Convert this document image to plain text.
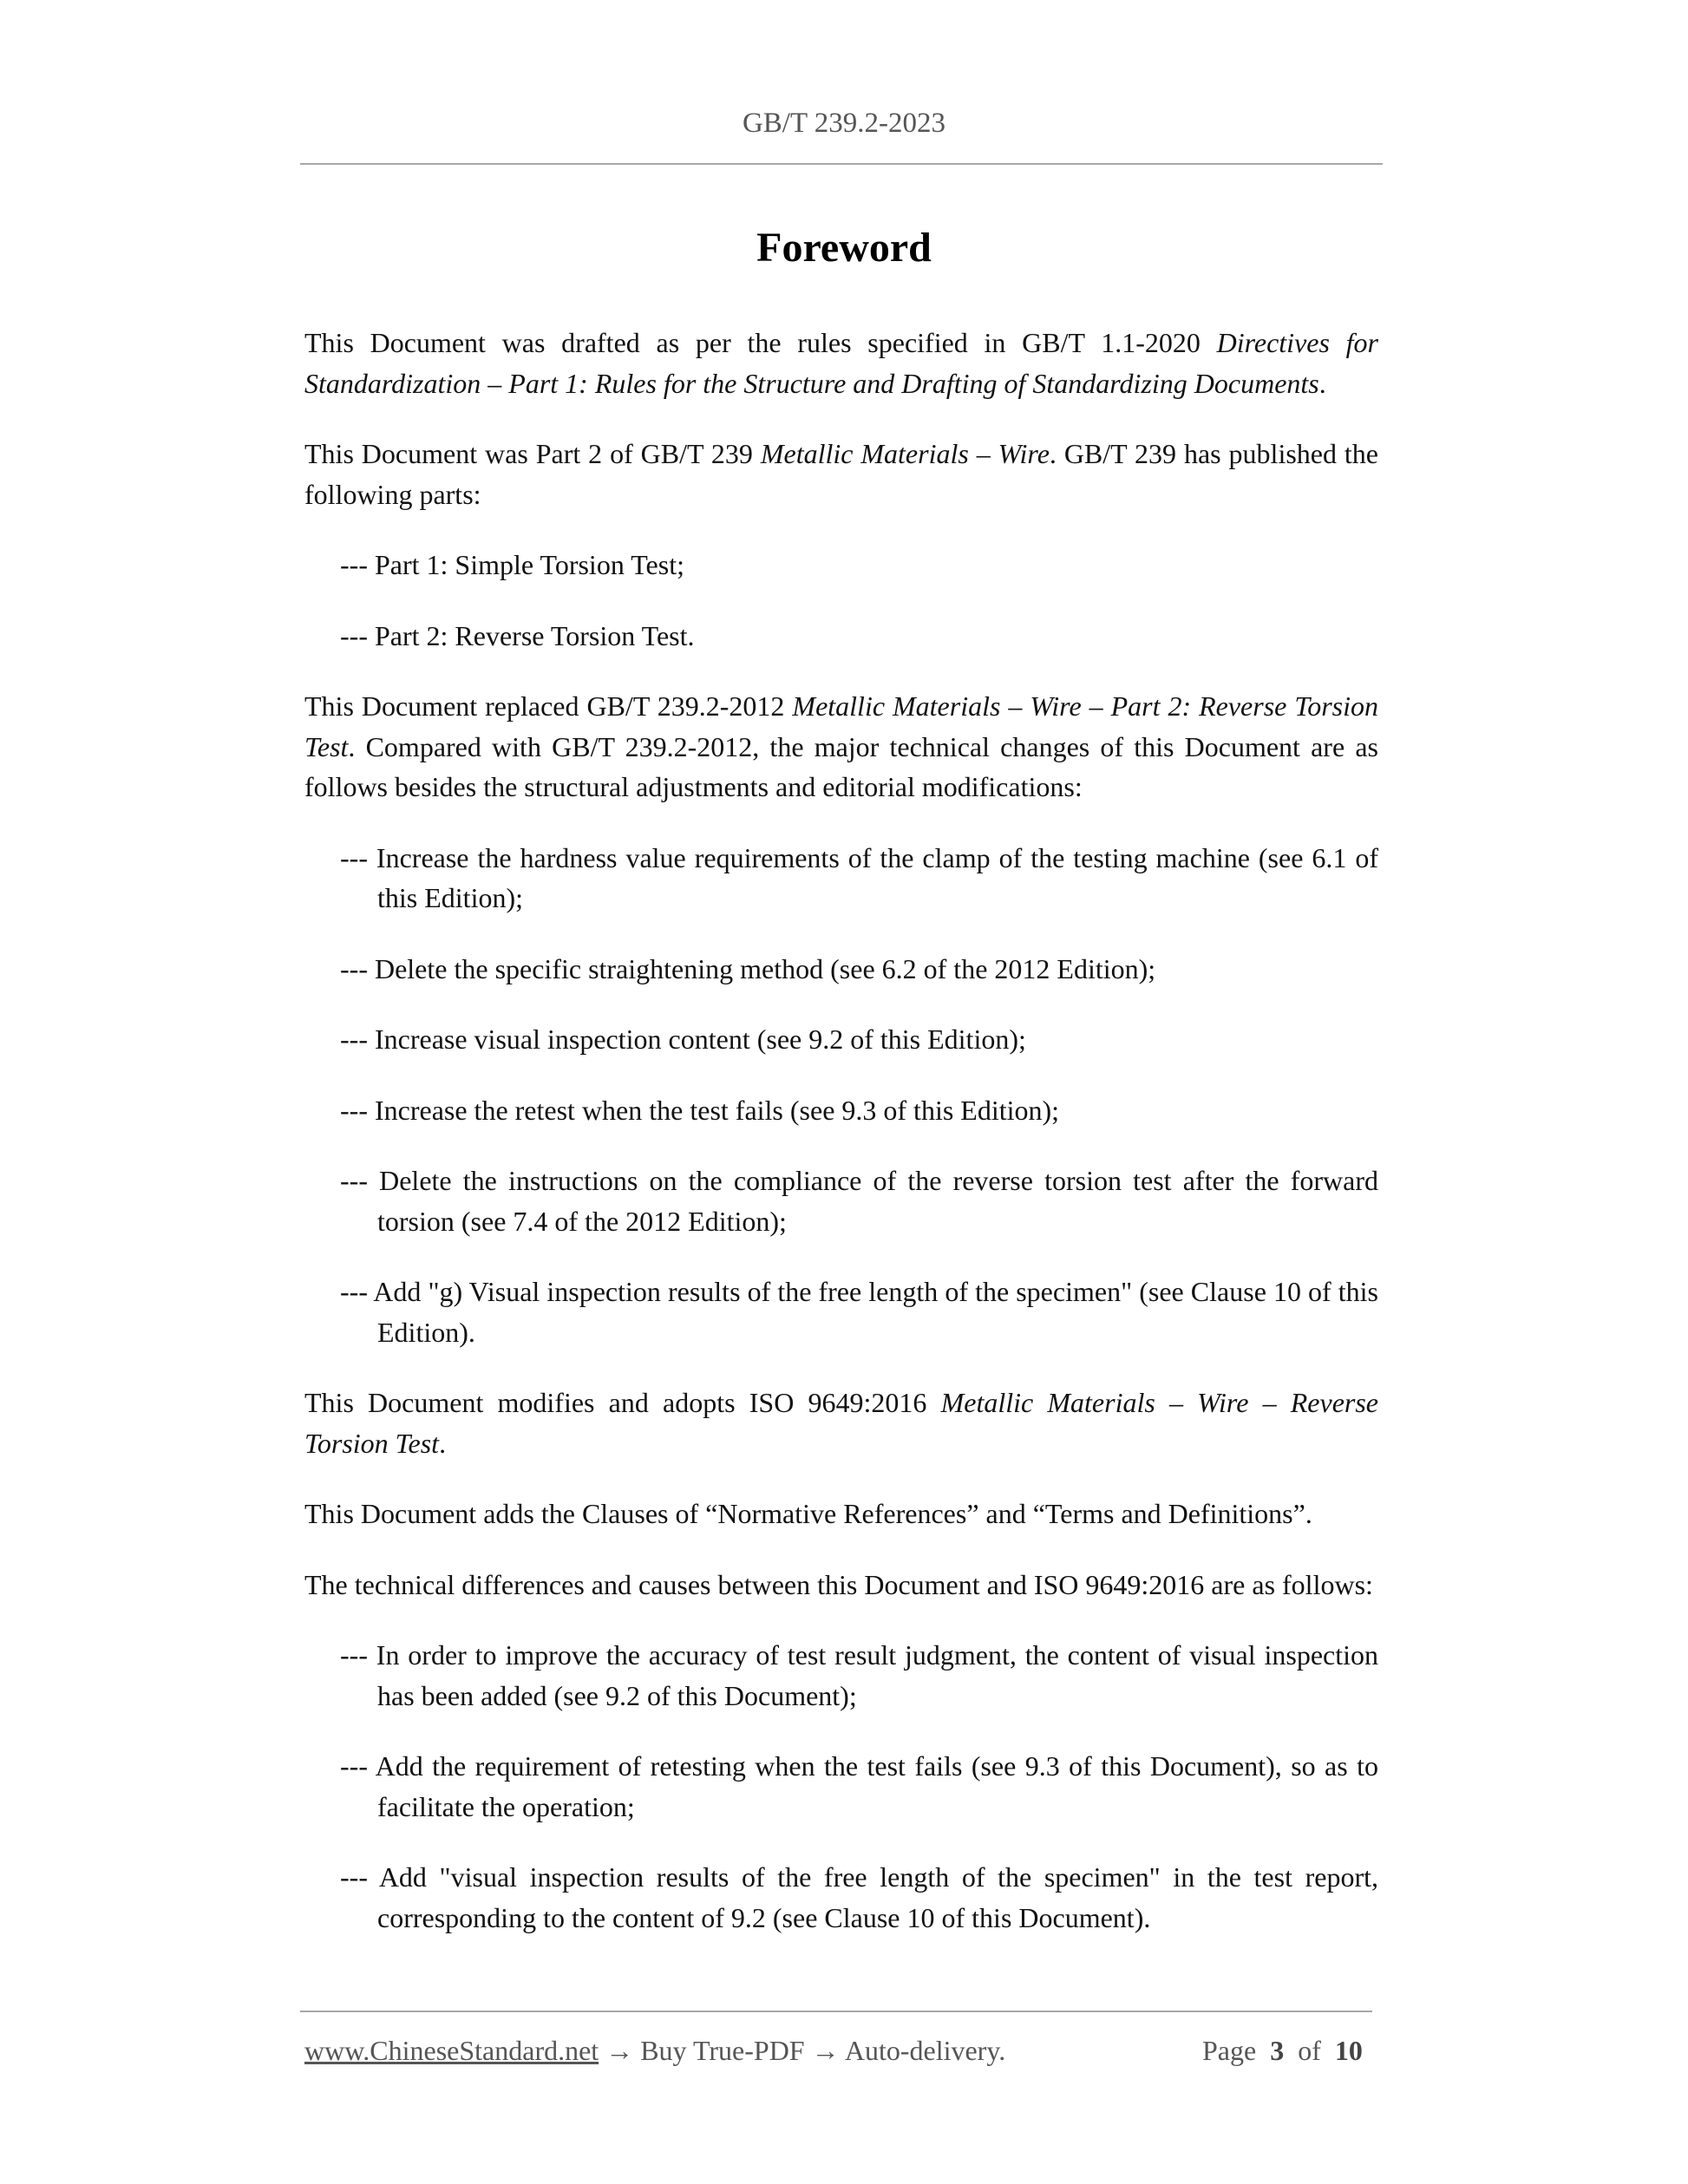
GB/T 239.2-2023
Foreword

This Document was drafted as per the rules specified in GB/T 1.1-2020 Directives for Standardization – Part 1: Rules for the Structure and Drafting of Standardizing Documents.

This Document was Part 2 of GB/T 239 Metallic Materials – Wire. GB/T 239 has published the following parts:

--- Part 1: Simple Torsion Test;

--- Part 2: Reverse Torsion Test.

This Document replaced GB/T 239.2-2012 Metallic Materials – Wire – Part 2: Reverse Torsion Test. Compared with GB/T 239.2-2012, the major technical changes of this Document are as follows besides the structural adjustments and editorial modifications:

--- Increase the hardness value requirements of the clamp of the testing machine (see 6.1 of this Edition);

--- Delete the specific straightening method (see 6.2 of the 2012 Edition);

--- Increase visual inspection content (see 9.2 of this Edition);

--- Increase the retest when the test fails (see 9.3 of this Edition);

--- Delete the instructions on the compliance of the reverse torsion test after the forward torsion (see 7.4 of the 2012 Edition);

--- Add "g) Visual inspection results of the free length of the specimen" (see Clause 10 of this Edition).

This Document modifies and adopts ISO 9649:2016 Metallic Materials – Wire – Reverse Torsion Test.

This Document adds the Clauses of “Normative References” and “Terms and Definitions”.

The technical differences and causes between this Document and ISO 9649:2016 are as follows:

--- In order to improve the accuracy of test result judgment, the content of visual inspection has been added (see 9.2 of this Document);

--- Add the requirement of retesting when the test fails (see 9.3 of this Document), so as to facilitate the operation;

--- Add "visual inspection results of the free length of the specimen" in the test report, corresponding to the content of 9.2 (see Clause 10 of this Document).

www.ChineseStandard.net → Buy True-PDF → Auto-delivery.	Page 3 of 10
